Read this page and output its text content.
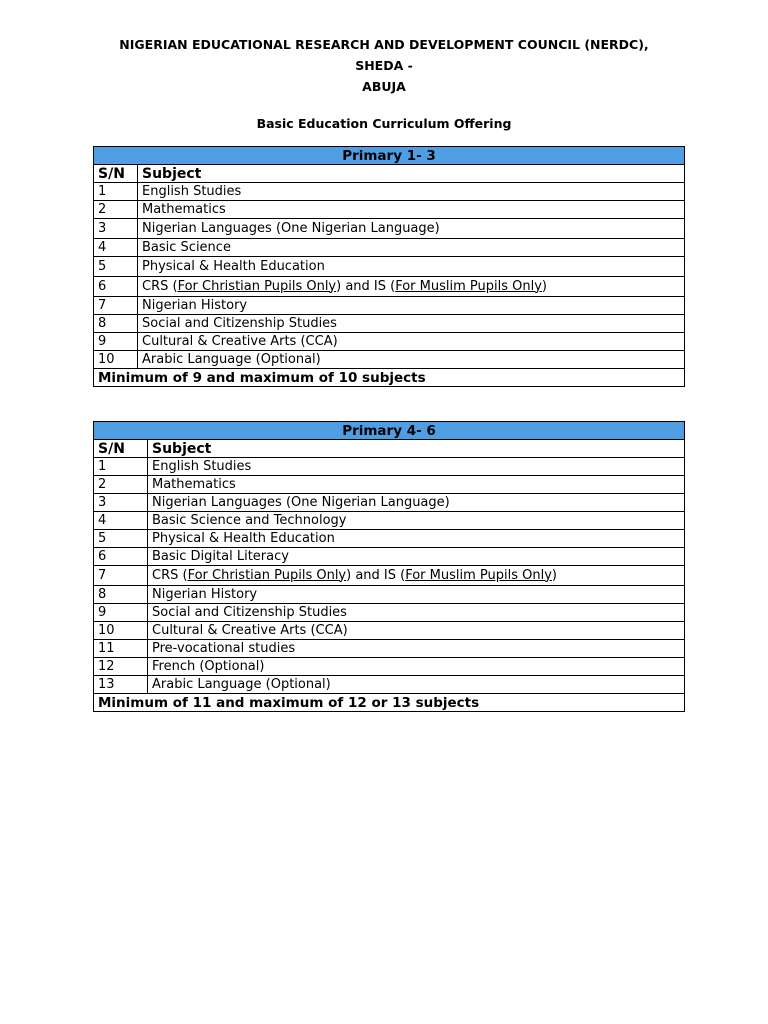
NIGERIAN EDUCATIONAL RESEARCH AND DEVELOPMENT COUNCIL (NERDC), SHEDA -
ABUJA
Basic Education Curriculum Offering
Primary 1- 3	
S/N	Subject
1	English Studies
2	Mathematics
3	Nigerian Languages (One Nigerian Language)
4	Basic Science
5	Physical & Health Education
6	CRS (For Christian Pupils Only) and IS (For Muslim Pupils Only)
7	Nigerian History
8	Social and Citizenship Studies
9	Cultural & Creative Arts (CCA)
10	Arabic Language (Optional)
Minimum of 9 and maximum of 10 subjects	
Primary 4- 6	
S/N	Subject
1	English Studies
2	Mathematics
3	Nigerian Languages (One Nigerian Language)
4	Basic Science and Technology
5	Physical & Health Education
6	Basic Digital Literacy
7	CRS (For Christian Pupils Only) and IS (For Muslim Pupils Only)
8	Nigerian History
9	Social and Citizenship Studies
10	Cultural & Creative Arts (CCA)
11	Pre-vocational studies
12	French (Optional)
13	Arabic Language (Optional)
Minimum of 11 and maximum of 12 or 13 subjects	
